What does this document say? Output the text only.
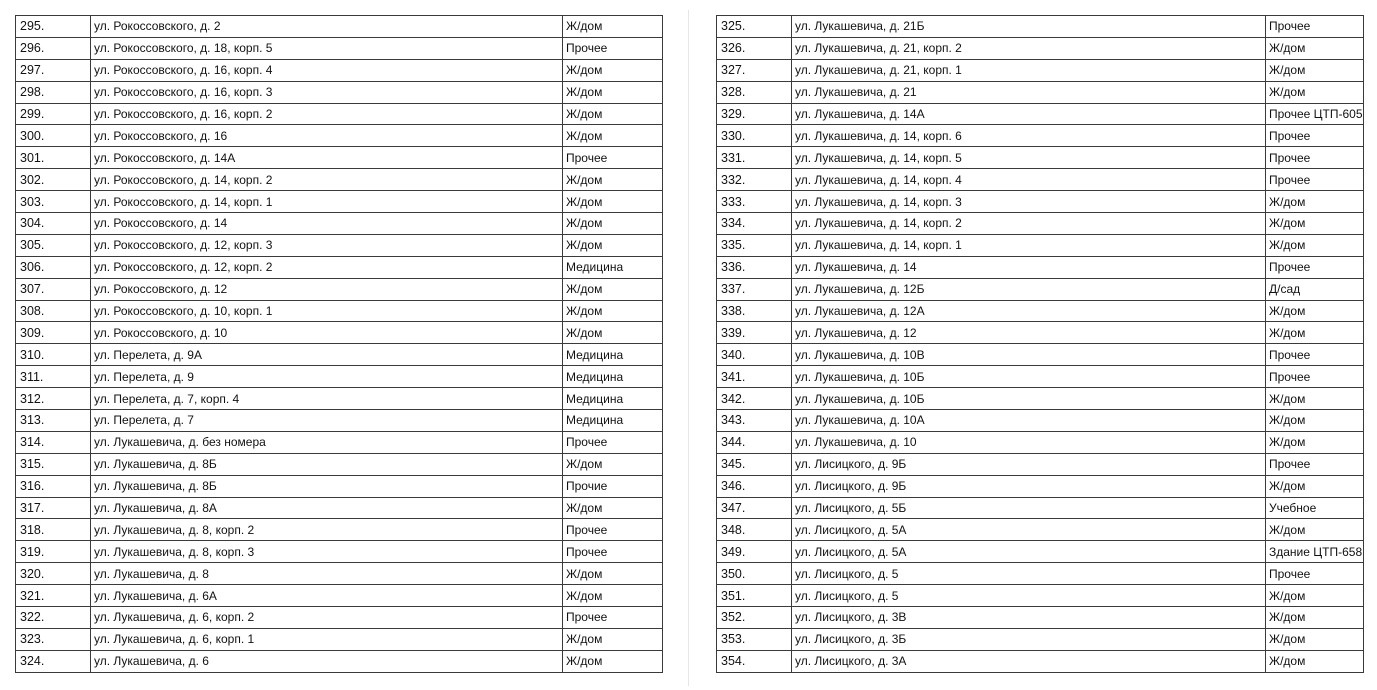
295.	ул. Рокоссовского, д. 2	Ж/дом
296.	ул. Рокоссовского, д. 18, корп. 5	Прочее
297.	ул. Рокоссовского, д. 16, корп. 4	Ж/дом
298.	ул. Рокоссовского, д. 16, корп. 3	Ж/дом
299.	ул. Рокоссовского, д. 16, корп. 2	Ж/дом
300.	ул. Рокоссовского, д. 16	Ж/дом
301.	ул. Рокоссовского, д. 14А	Прочее
302.	ул. Рокоссовского, д. 14, корп. 2	Ж/дом
303.	ул. Рокоссовского, д. 14, корп. 1	Ж/дом
304.	ул. Рокоссовского, д. 14	Ж/дом
305.	ул. Рокоссовского, д. 12, корп. 3	Ж/дом
306.	ул. Рокоссовского, д. 12, корп. 2	Медицина
307.	ул. Рокоссовского, д. 12	Ж/дом
308.	ул. Рокоссовского, д. 10, корп. 1	Ж/дом
309.	ул. Рокоссовского, д. 10	Ж/дом
310.	ул. Перелета, д. 9А	Медицина
311.	ул. Перелета, д. 9	Медицина
312.	ул. Перелета, д. 7, корп. 4	Медицина
313.	ул. Перелета, д. 7	Медицина
314.	ул. Лукашевича, д. без номера	Прочее
315.	ул. Лукашевича, д. 8Б	Ж/дом
316.	ул. Лукашевича, д. 8Б	Прочие
317.	ул. Лукашевича, д. 8А	Ж/дом
318.	ул. Лукашевича, д. 8, корп. 2	Прочее
319.	ул. Лукашевича, д. 8, корп. 3	Прочее
320.	ул. Лукашевича, д. 8	Ж/дом
321.	ул. Лукашевича, д. 6А	Ж/дом
322.	ул. Лукашевича, д. 6, корп. 2	Прочее
323.	ул. Лукашевича, д. 6, корп. 1	Ж/дом
324.	ул. Лукашевича, д. 6	Ж/дом
325.	ул. Лукашевича, д. 21Б	Прочее
326.	ул. Лукашевича, д. 21, корп. 2	Ж/дом
327.	ул. Лукашевича, д. 21, корп. 1	Ж/дом
328.	ул. Лукашевича, д. 21	Ж/дом
329.	ул. Лукашевича, д. 14А	Прочее ЦТП-605
330.	ул. Лукашевича, д. 14, корп. 6	Прочее
331.	ул. Лукашевича, д. 14, корп. 5	Прочее
332.	ул. Лукашевича, д. 14, корп. 4	Прочее
333.	ул. Лукашевича, д. 14, корп. 3	Ж/дом
334.	ул. Лукашевича, д. 14, корп. 2	Ж/дом
335.	ул. Лукашевича, д. 14, корп. 1	Ж/дом
336.	ул. Лукашевича, д. 14	Прочее
337.	ул. Лукашевича, д. 12Б	Д/сад
338.	ул. Лукашевича, д. 12А	Ж/дом
339.	ул. Лукашевича, д. 12	Ж/дом
340.	ул. Лукашевича, д. 10В	Прочее
341.	ул. Лукашевича, д. 10Б	Прочее
342.	ул. Лукашевича, д. 10Б	Ж/дом
343.	ул. Лукашевича, д. 10А	Ж/дом
344.	ул. Лукашевича, д. 10	Ж/дом
345.	ул. Лисицкого, д. 9Б	Прочее
346.	ул. Лисицкого, д. 9Б	Ж/дом
347.	ул. Лисицкого, д. 5Б	Учебное
348.	ул. Лисицкого, д. 5А	Ж/дом
349.	ул. Лисицкого, д. 5А	Здание ЦТП-658
350.	ул. Лисицкого, д. 5	Прочее
351.	ул. Лисицкого, д. 5	Ж/дом
352.	ул. Лисицкого, д. 3В	Ж/дом
353.	ул. Лисицкого, д. 3Б	Ж/дом
354.	ул. Лисицкого, д. 3А	Ж/дом
